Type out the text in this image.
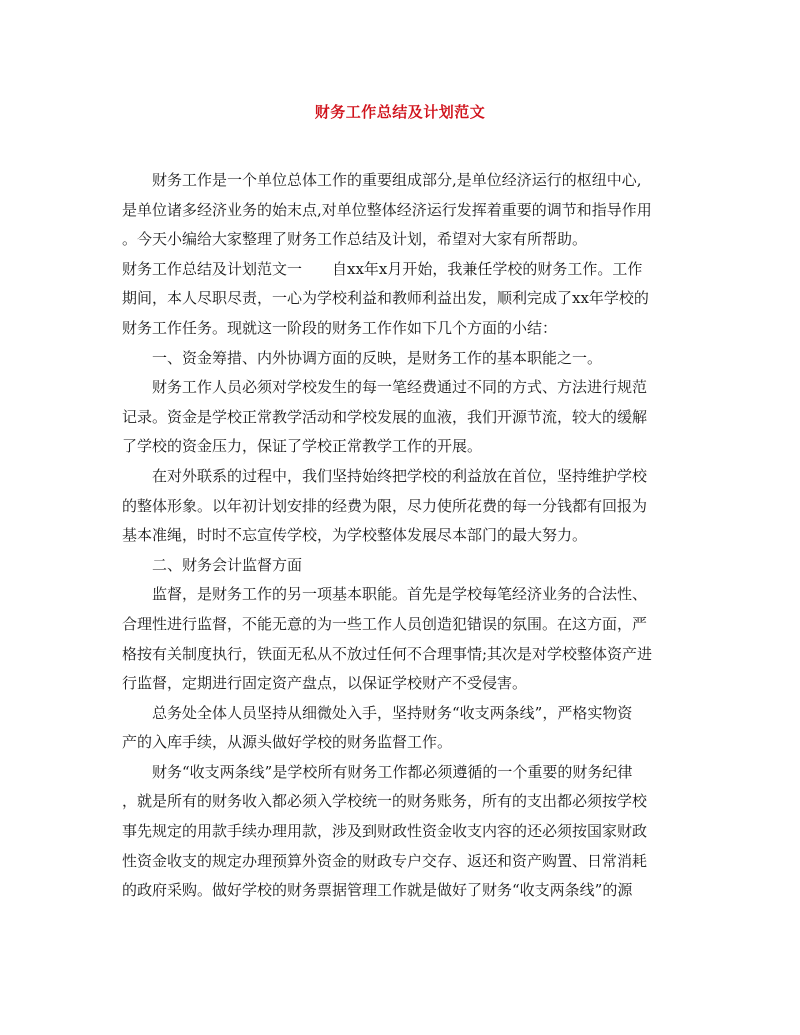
财务工作总结及计划范文
财务工作是一个单位总体工作的重要组成部分,是单位经济运行的枢纽中心,
是单位诸多经济业务的始末点,对单位整体经济运行发挥着重要的调节和指导作用
。今天小编给大家整理了财务工作总结及计划，希望对大家有所帮助。
财务工作总结及计划范文一　　自xx年x月开始，我兼任学校的财务工作。工作
期间，本人尽职尽责，一心为学校利益和教师利益出发，顺利完成了xx年学校的
财务工作任务。现就这一阶段的财务工作作如下几个方面的小结：
一、资金筹措、内外协调方面的反映，是财务工作的基本职能之一。
财务工作人员必须对学校发生的每一笔经费通过不同的方式、方法进行规范
记录。资金是学校正常教学活动和学校发展的血液，我们开源节流，较大的缓解
了学校的资金压力，保证了学校正常教学工作的开展。
在对外联系的过程中，我们坚持始终把学校的利益放在首位，坚持维护学校
的整体形象。以年初计划安排的经费为限，尽力使所花费的每一分钱都有回报为
基本准绳，时时不忘宣传学校，为学校整体发展尽本部门的最大努力。
二、财务会计监督方面
监督，是财务工作的另一项基本职能。首先是学校每笔经济业务的合法性、
合理性进行监督，不能无意的为一些工作人员创造犯错误的氛围。在这方面，严
格按有关制度执行，铁面无私从不放过任何不合理事情;其次是对学校整体资产进
行监督，定期进行固定资产盘点，以保证学校财产不受侵害。
总务处全体人员坚持从细微处入手，坚持财务“收支两条线”，严格实物资
产的入库手续，从源头做好学校的财务监督工作。
财务“收支两条线”是学校所有财务工作都必须遵循的一个重要的财务纪律
，就是所有的财务收入都必须入学校统一的财务账务，所有的支出都必须按学校
事先规定的用款手续办理用款，涉及到财政性资金收支内容的还必须按国家财政
性资金收支的规定办理预算外资金的财政专户交存、返还和资产购置、日常消耗
的政府采购。做好学校的财务票据管理工作就是做好了财务“收支两条线”的源
